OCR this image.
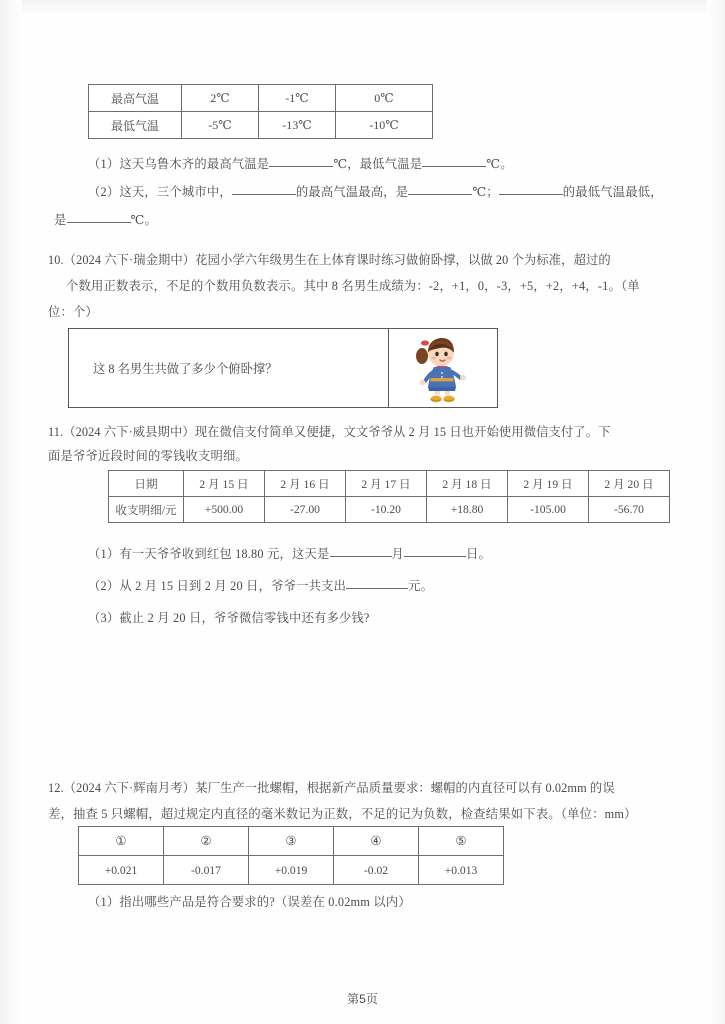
最高气温	2℃	-1℃	0℃
最低气温	-5℃	-13℃	-10℃
（1）这天乌鲁木齐的最高气温是	℃，最低气温是	℃。
（2）这天，三个城市中，	的最高气温最高，是	℃；	的最低气温最低，
是	℃。
10.（2024 六下·瑞金期中）花园小学六年级男生在上体育课时练习做俯卧撑，以做 20 个为标准，超过的
个数用正数表示，不足的个数用负数表示。其中 8 名男生成绩为：-2，+1，0，-3，+5，+2，+4，-1。（单
位：个）
这 8 名男生共做了多少个俯卧撑？
11.（2024 六下·威县期中）现在微信支付简单又便捷，文文爷爷从 2 月 15 日也开始使用微信支付了。下
面是爷爷近段时间的零钱收支明细。
日期	2 月 15 日	2 月 16 日	2 月 17 日	2 月 18 日	2 月 19 日	2 月 20 日
收支明细/元	+500.00	-27.00	-10.20	+18.80	-105.00	-56.70
（1）有一天爷爷收到红包 18.80 元，这天是	月	日。
（2）从 2 月 15 日到 2 月 20 日，爷爷一共支出	元。
（3）截止 2 月 20 日，爷爷微信零钱中还有多少钱?
12.（2024 六下·辉南月考）某厂生产一批螺帽，根据新产品质量要求：螺帽的内直径可以有 0.02mm 的误
差，抽查 5 只螺帽，超过规定内直径的毫米数记为正数，不足的记为负数，检查结果如下表。（单位：mm）
①	②	③	④	⑤
+0.021	-0.017	+0.019	-0.02	+0.013
（1）指出哪些产品是符合要求的?（误差在 0.02mm 以内）
第5页
